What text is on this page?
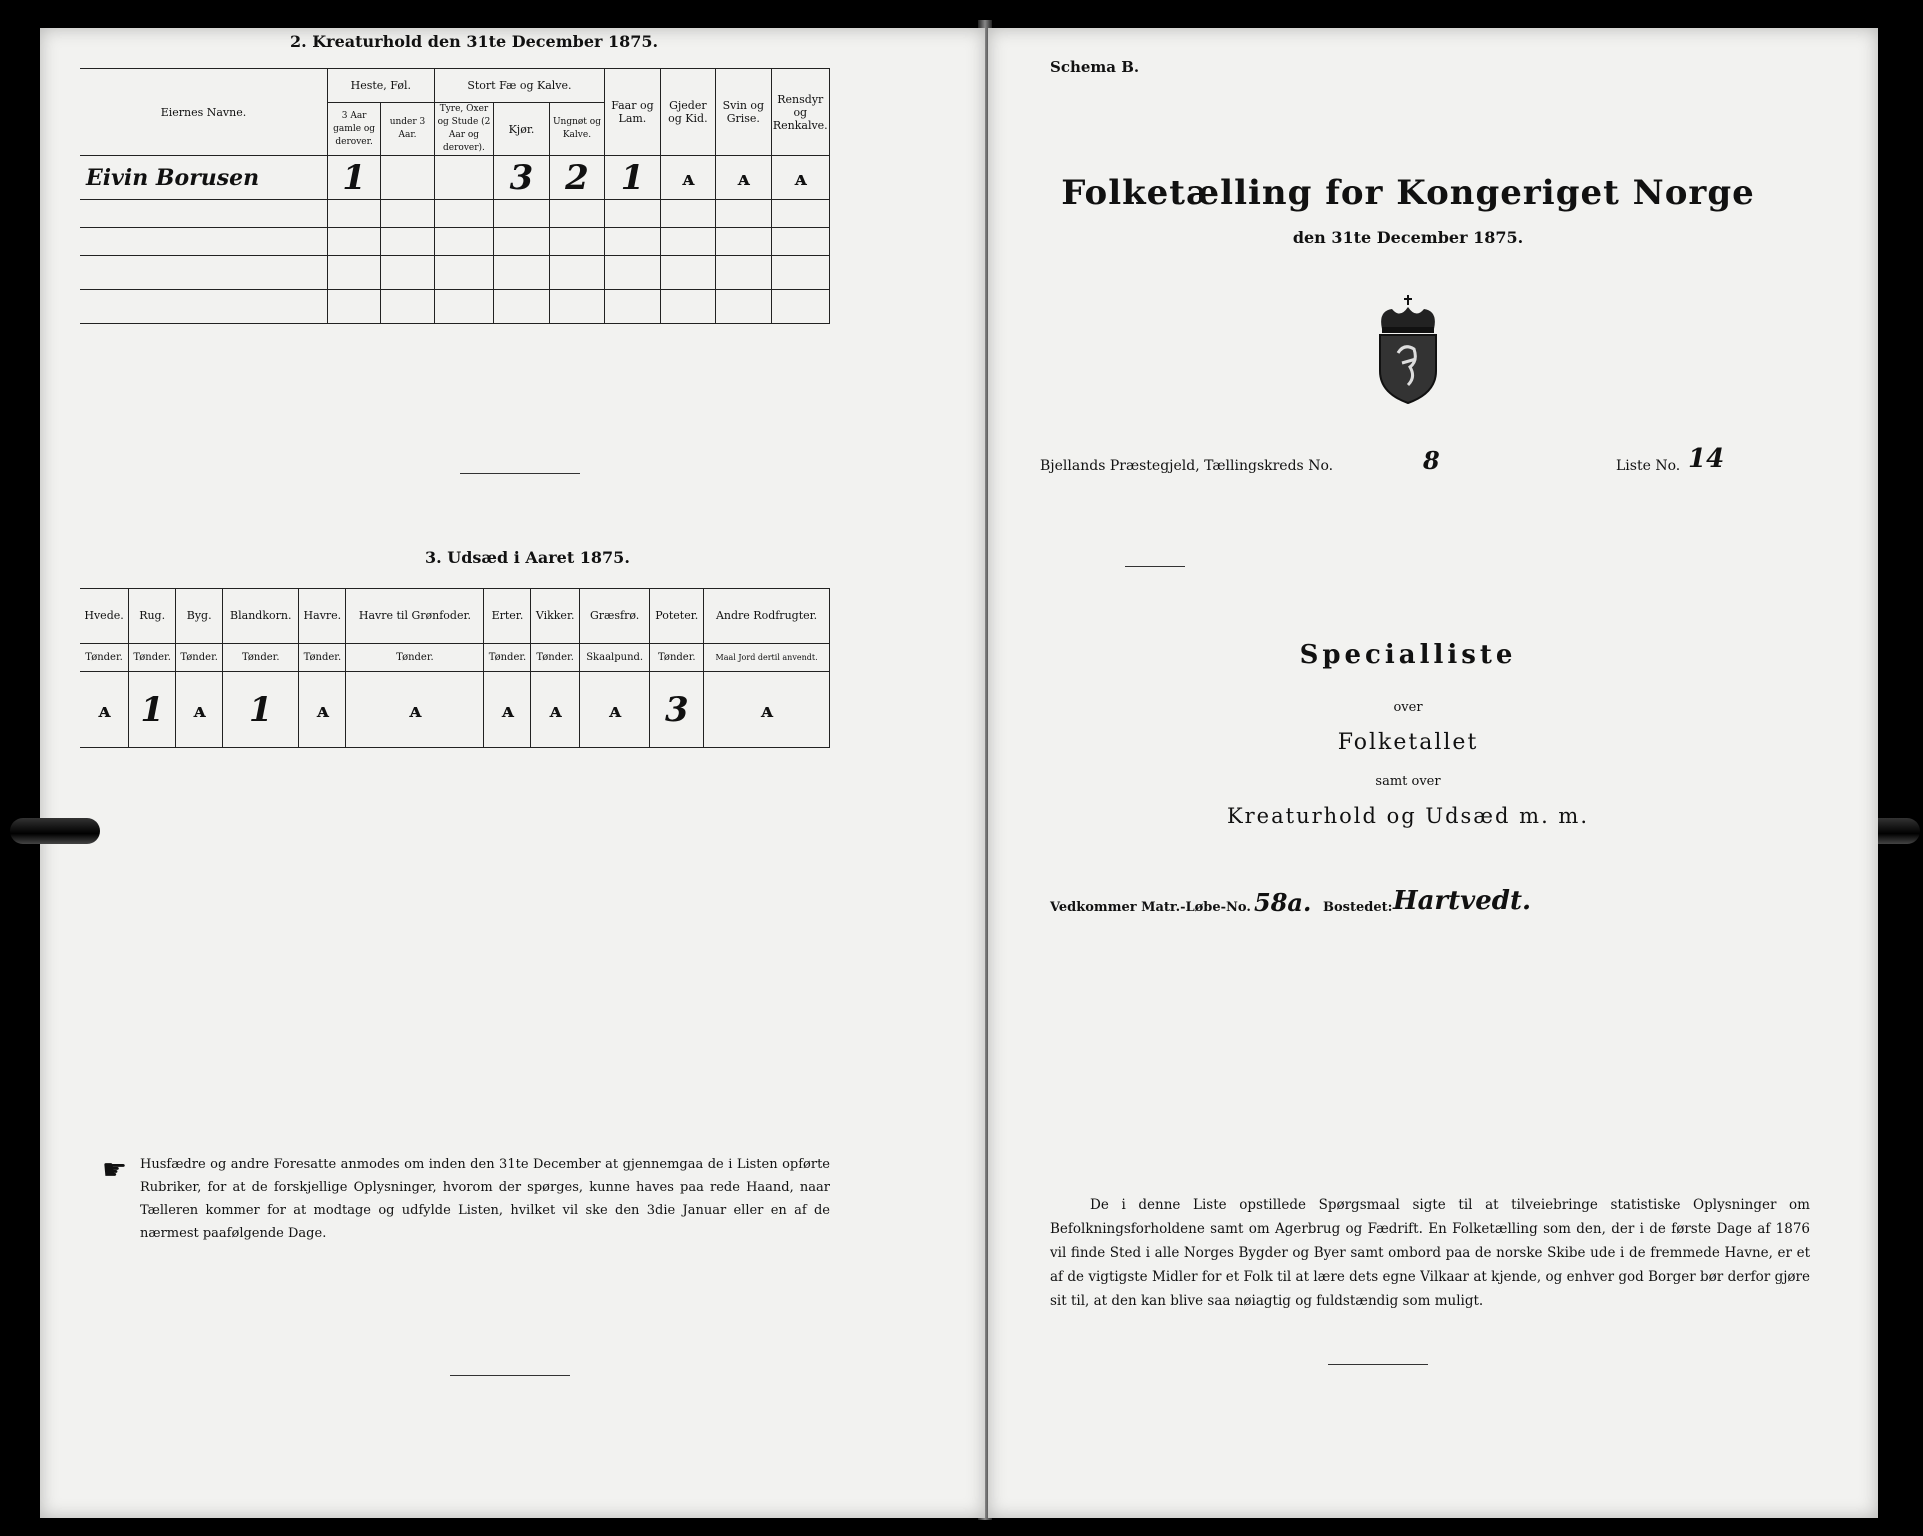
2. Kreaturhold den 31te December 1875.
Eiernes Navne.	Heste, Føl.		Stort Fæ og Kalve.			Faar og Lam.	Gjeder og Kid.	Svin og Grise.	Rensdyr og Renkalve.
	3 Aar gamle og derover.	under 3 Aar.	Tyre, Oxer og Stude (2 Aar og derover).	Kjør.	Ungnøt og Kalve.				
Eivin Borusen	1			3	2	1	ᴀ	ᴀ	ᴀ

3. Udsæd i Aaret 1875.
Hvede.	Rug.	Byg.	Blandkorn.	Havre.	Havre til Grønfoder.	Erter.	Vikker.	Græsfrø.	Poteter.	Andre Rodfrugter.
Tønder.	Tønder.	Tønder.	Tønder.	Tønder.	Tønder.	Tønder.	Tønder.	Skaalpund.	Tønder.	Maal Jord dertil anvendt.
ᴀ	1	ᴀ	1	ᴀ	ᴀ	ᴀ	ᴀ	ᴀ	3	ᴀ
☛ Husfædre og andre Foresatte anmodes om inden den 31te December at gjennemgaa de i Listen opførte Rubriker, for at de forskjellige Oplysninger, hvorom der spørges, kunne haves paa rede Haand, naar Tælleren kommer for at modtage og udfylde Listen, hvilket vil ske den 3die Januar eller en af de nærmest paafølgende Dage.
Schema B.
Folketælling for Kongeriget Norge
den 31te December 1875.
Bjellands Præstegjeld, Tællingskreds No.	8	Liste No. 14
Specialliste
over
Folketallet
samt over
Kreaturhold og Udsæd m. m.
Vedkommer Matr.-Løbe-No. 58a. Bostedet: Hartvedt.
De i denne Liste opstillede Spørgsmaal sigte til at tilveiebringe statistiske Oplysninger om Befolkningsforholdene samt om Agerbrug og Fædrift. En Folketælling som den, der i de første Dage af 1876 vil finde Sted i alle Norges Bygder og Byer samt ombord paa de norske Skibe ude i de fremmede Havne, er et af de vigtigste Midler for et Folk til at lære dets egne Vilkaar at kjende, og enhver god Borger bør derfor gjøre sit til, at den kan blive saa nøiagtig og fuldstændig som muligt.
